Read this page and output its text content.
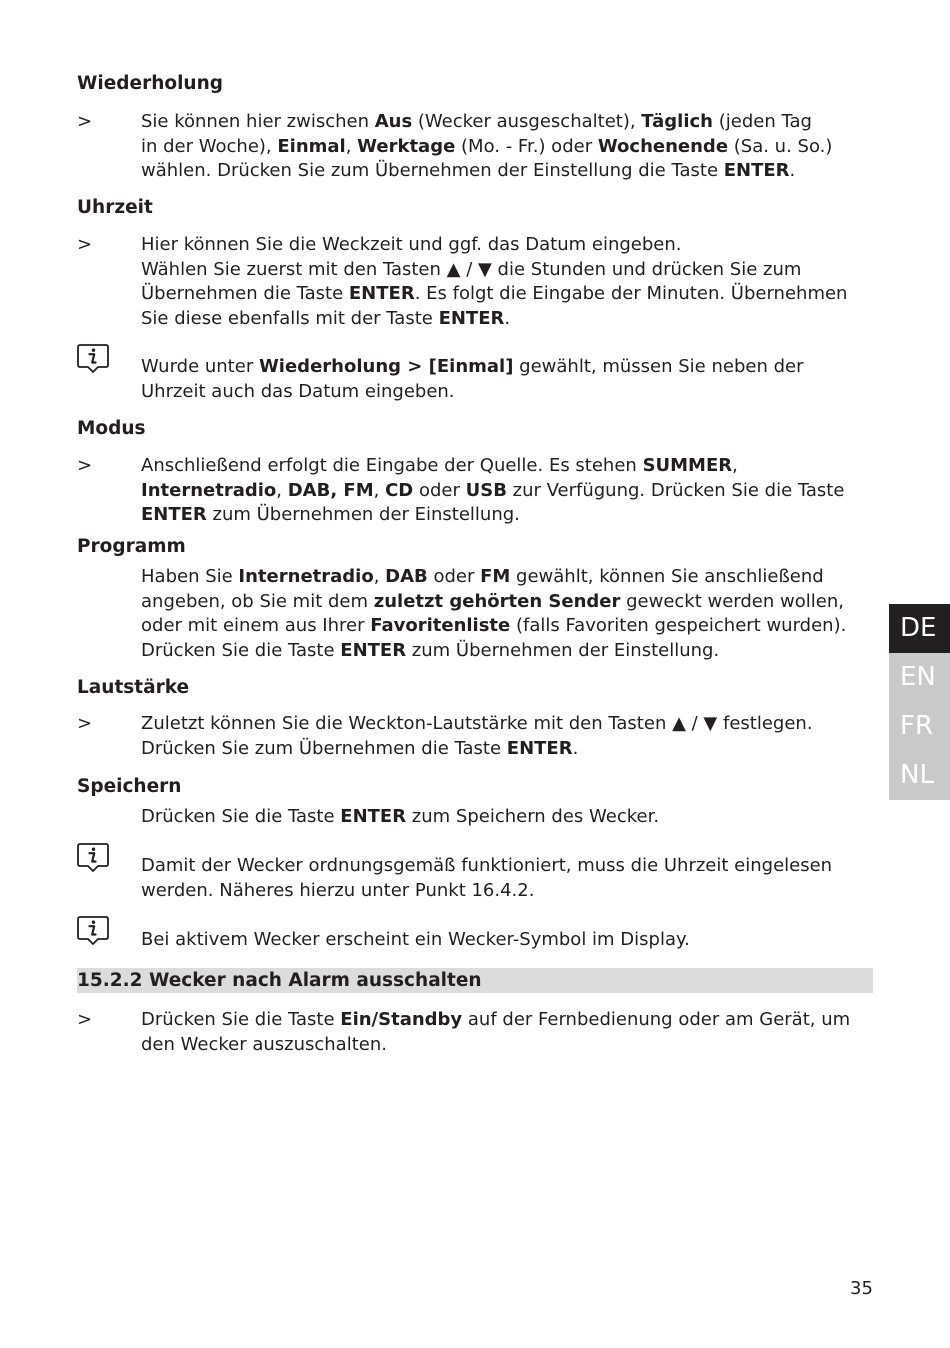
Wiederholung
>	Sie können hier zwischen Aus (Wecker ausgeschaltet), Täglich (jeden Tag
in der Woche), Einmal, Werktage (Mo. - Fr.) oder Wochenende (Sa. u. So.)
wählen. Drücken Sie zum Übernehmen der Einstellung die Taste ENTER.
Uhrzeit
>	Hier können Sie die Weckzeit und ggf. das Datum eingeben.
Wählen Sie zuerst mit den Tasten ▲ / ▼ die Stunden und drücken Sie zum
Übernehmen die Taste ENTER. Es folgt die Eingabe der Minuten. Übernehmen
Sie diese ebenfalls mit der Taste ENTER.
Wurde unter Wiederholung > [Einmal] gewählt, müssen Sie neben der
Uhrzeit auch das Datum eingeben.
Modus
>	Anschließend erfolgt die Eingabe der Quelle. Es stehen SUMMER,
Internetradio, DAB, FM, CD oder USB zur Verfügung. Drücken Sie die Taste
ENTER zum Übernehmen der Einstellung.
Programm
Haben Sie Internetradio, DAB oder FM gewählt, können Sie anschließend
angeben, ob Sie mit dem zuletzt gehörten Sender geweckt werden wollen,
oder mit einem aus Ihrer Favoritenliste (falls Favoriten gespeichert wurden).
Drücken Sie die Taste ENTER zum Übernehmen der Einstellung.
Lautstärke
>	Zuletzt können Sie die Weckton-Lautstärke mit den Tasten ▲ / ▼ festlegen.
Drücken Sie zum Übernehmen die Taste ENTER.
Speichern
Drücken Sie die Taste ENTER zum Speichern des Wecker.
Damit der Wecker ordnungsgemäß funktioniert, muss die Uhrzeit eingelesen
werden. Näheres hierzu unter Punkt 16.4.2.
Bei aktivem Wecker erscheint ein Wecker-Symbol im Display.
15.2.2 Wecker nach Alarm ausschalten
>	Drücken Sie die Taste Ein/Standby auf der Fernbedienung oder am Gerät, um
den Wecker auszuschalten.
DE
EN
FR
NL
35
